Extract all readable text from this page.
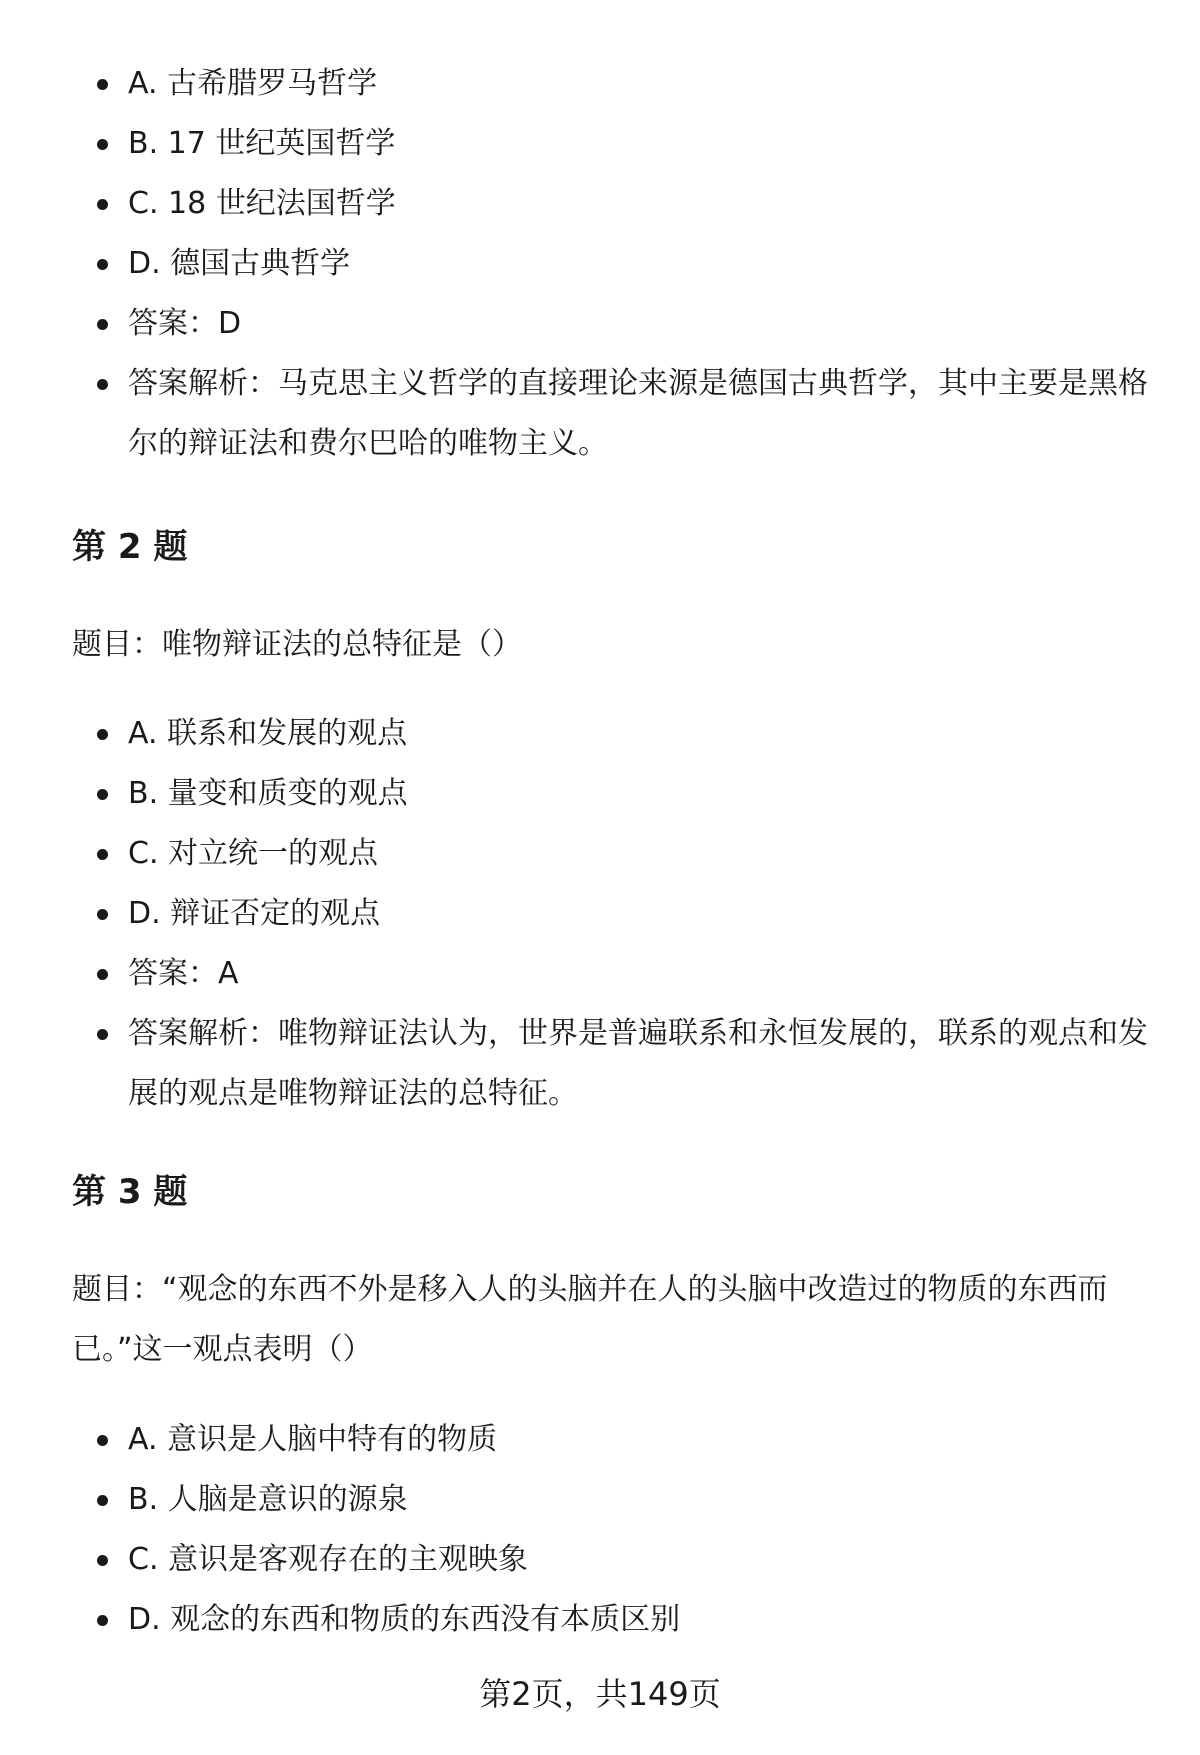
A. 古希腊罗马哲学
B. 17 世纪英国哲学
C. 18 世纪法国哲学
D. 德国古典哲学
答案：D
答案解析：马克思主义哲学的直接理论来源是德国古典哲学，其中主要是黑格尔的辩证法和费尔巴哈的唯物主义。
第 2 题
题目：唯物辩证法的总特征是（）
A. 联系和发展的观点
B. 量变和质变的观点
C. 对立统一的观点
D. 辩证否定的观点
答案：A
答案解析：唯物辩证法认为，世界是普遍联系和永恒发展的，联系的观点和发展的观点是唯物辩证法的总特征。
第 3 题
题目：“观念的东西不外是移入人的头脑并在人的头脑中改造过的物质的东西而已。”这一观点表明（）
A. 意识是人脑中特有的物质
B. 人脑是意识的源泉
C. 意识是客观存在的主观映象
D. 观念的东西和物质的东西没有本质区别
第2页，共149页
